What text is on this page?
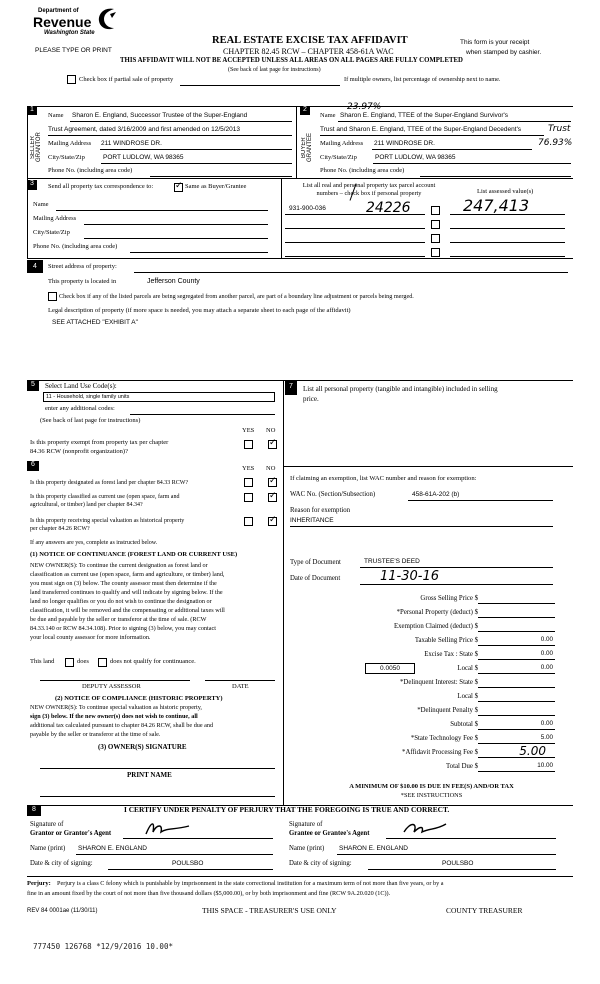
Department of
Revenue
Washington State
REAL ESTATE EXCISE TAX AFFIDAVIT
CHAPTER 82.45 RCW – CHAPTER 458-61A WAC
PLEASE TYPE OR PRINT
This form is your receipt
when stamped by cashier.
THIS AFFIDAVIT WILL NOT BE ACCEPTED UNLESS ALL AREAS ON ALL PAGES ARE FULLY COMPLETED
(See back of last page for instructions)
Check box if partial sale of property	If multiple owners, list percentage of ownership next to name.
1
SELLER GRANTOR
Name Sharon E. England, Successor Trustee of the Super-England
Trust Agreement, dated 3/16/2009 and first amended on 12/5/2013
Mailing Address 211 WINDROSE DR.
City/State/Zip	PORT LUDLOW, WA 98365
Phone No. (including area code)
2
BUYER GRANTEE
Name Sharon E. England, TTEE of the Super-England Survivor's
23.97%
Trust and Sharon E. England, TTEE of the Super-England Decedent's	Trust
76.93%
Mailing Address 211 WINDROSE DR.
City/State/Zip	PORT LUDLOW, WA 98365
Phone No. (including area code)
3	Send all property tax correspondence to:
✓	Same as Buyer/Grantee
Name
Mailing Address
City/State/Zip
Phone No. (including area code)
List all real and personal property tax parcel account
numbers – check box if personal property	List assessed value(s)
931-900-036	24226	247,413
4	Street address of property:
This property is located in	Jefferson County
Check box if any of the listed parcels are being segregated from another parcel, are part of a boundary line adjustment or parcels being merged.
Legal description of property (if more space is needed, you may attach a separate sheet to each page of the affidavit)
SEE ATTACHED "EXHIBIT A"
5	Select Land Use Code(s):
11 - Household, single family units
enter any additional codes:
(See back of last page for instructions)
YES NO
Is this property exempt from property tax per chapter
84.36 RCW (nonprofit organization)?
✓
6
YES NO
Is this property designated as forest land per chapter 84.33 RCW?
✓
Is this property classified as current use (open space, farm and
agricultural, or timber) land per chapter 84.34?
✓
Is this property receiving special valuation as historical property
per chapter 84.26 RCW?
✓
If any answers are yes, complete as instructed below.
(1) NOTICE OF CONTINUANCE (FOREST LAND OR CURRENT USE)
NEW OWNER(S): To continue the current designation as forest land or
classification as current use (open space, farm and agriculture, or timber) land,
you must sign on (3) below. The county assessor must then determine if the
land transferred continues to qualify and will indicate by signing below. If the
land no longer qualifies or you do not wish to continue the designation or
classification, it will be removed and the compensating or additional taxes will
be due and payable by the seller or transferor at the time of sale. (RCW
84.33.140 or RCW 84.34.108). Prior to signing (3) below, you may contact
your local county assessor for more information.
This land	does	does not qualify for continuance.
DEPUTY ASSESSOR	DATE
(2) NOTICE OF COMPLIANCE (HISTORIC PROPERTY)
NEW OWNER(S): To continue special valuation as historic property,
sign (3) below. If the new owner(s) does not wish to continue, all
additional tax calculated pursuant to chapter 84.26 RCW, shall be due and
payable by the seller or transferor at the time of sale.
(3) OWNER(S) SIGNATURE
PRINT NAME
7	List all personal property (tangible and intangible) included in selling
price.
If claiming an exemption, list WAC number and reason for exemption:
WAC No. (Section/Subsection)	458-61A-202 (b)
Reason for exemption
INHERITANCE
Type of Document	TRUSTEE'S DEED
Date of Document	11-30-16
Gross Selling Price $
*Personal Property (deduct) $
Exemption Claimed (deduct) $
Taxable Selling Price $	0.00
Excise Tax : State $	0.00
0.0050	Local $	0.00
*Delinquent Interest: State $
Local $
*Delinquent Penalty $
Subtotal $	0.00
*State Technology Fee $	5.00
*Affidavit Processing Fee $	5.00
Total Due $	10.00
A MINIMUM OF $10.00 IS DUE IN FEE(S) AND/OR TAX
*SEE INSTRUCTIONS
8	I CERTIFY UNDER PENALTY OF PERJURY THAT THE FOREGOING IS TRUE AND CORRECT.
Signature of
Grantor or Grantor's Agent
Name (print) SHARON E. ENGLAND
Date & city of signing:	POULSBO
Signature of
Grantee or Grantee's Agent
Name (print) SHARON E. ENGLAND
Date & city of signing:	POULSBO
Perjury: Perjury is a class C felony which is punishable by imprisonment in the state correctional institution for a maximum term of not more than five years, or by a
fine in an amount fixed by the court of not more than five thousand dollars ($5,000.00), or by both imprisonment and fine (RCW 9A.20.020 (1C)).
REV 84 0001ae (11/30/11)	THIS SPACE - TREASURER'S USE ONLY	COUNTY TREASURER
777450 126768 *12/9/2016 10.00*
